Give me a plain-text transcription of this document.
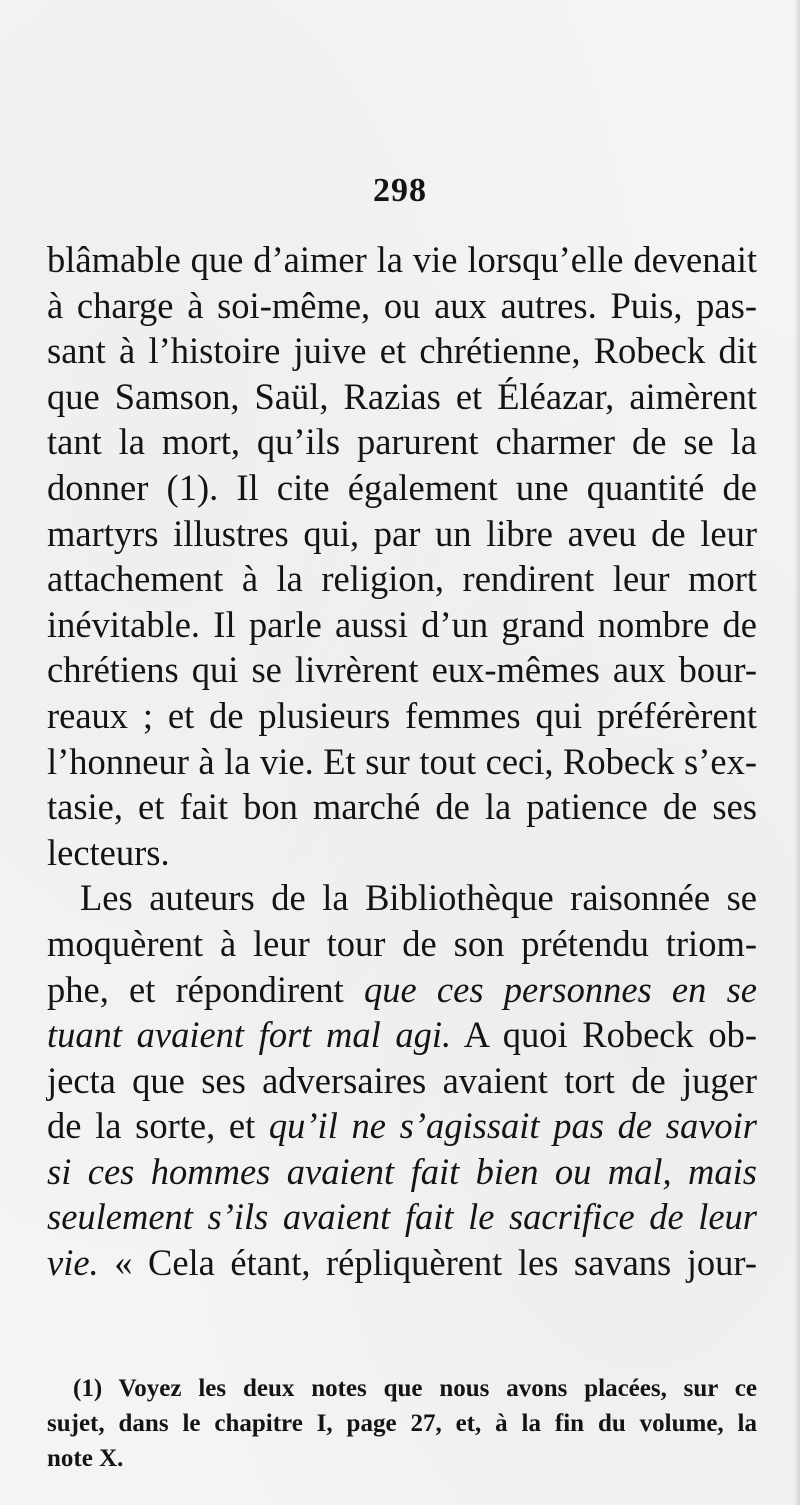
298
blâmable que d’aimer la vie lorsqu’elle devenait
à charge à soi-même, ou aux autres. Puis, pas-
sant à l’histoire juive et chrétienne, Robeck dit
que Samson, Saül, Razias et Éléazar, aimèrent
tant la mort, qu’ils parurent charmer de se la
donner (1). Il cite également une quantité de
martyrs illustres qui, par un libre aveu de leur
attachement à la religion, rendirent leur mort
inévitable. Il parle aussi d’un grand nombre de
chrétiens qui se livrèrent eux-mêmes aux bour-
reaux ; et de plusieurs femmes qui préférèrent
l’honneur à la vie. Et sur tout ceci, Robeck s’ex-
tasie, et fait bon marché de la patience de ses
lecteurs.
Les auteurs de la Bibliothèque raisonnée se
moquèrent à leur tour de son prétendu triom-
phe, et répondirent que ces personnes en se
tuant avaient fort mal agi. A quoi Robeck ob-
jecta que ses adversaires avaient tort de juger
de la sorte, et qu’il ne s’agissait pas de savoir
si ces hommes avaient fait bien ou mal, mais
seulement s’ils avaient fait le sacrifice de leur
vie. « Cela étant, répliquèrent les savans jour-
(1) Voyez les deux notes que nous avons placées, sur ce
sujet, dans le chapitre I, page 27, et, à la fin du volume, la
note X.
